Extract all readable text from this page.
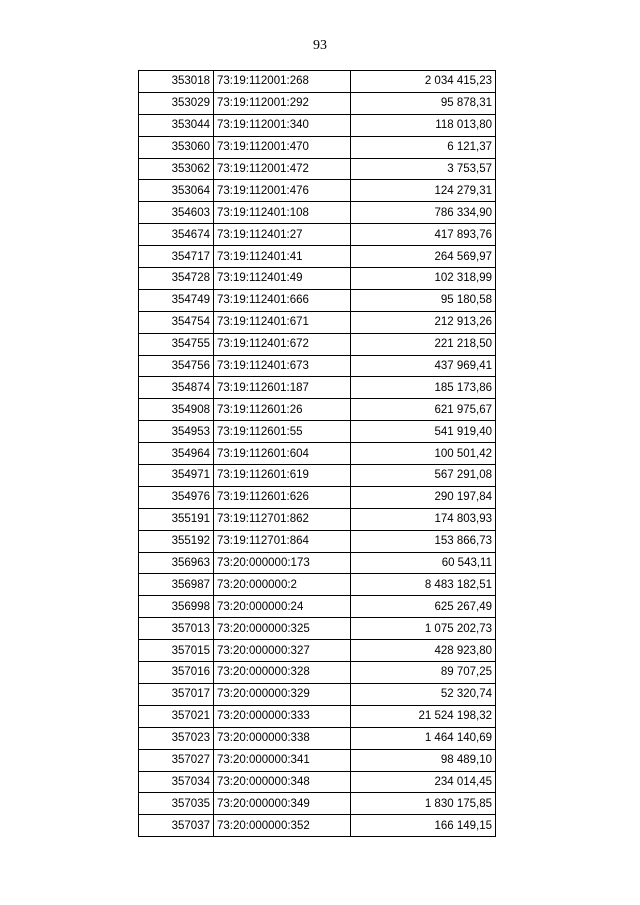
93
353018	73:19:112001:268	2 034 415,23
353029	73:19:112001:292	95 878,31
353044	73:19:112001:340	118 013,80
353060	73:19:112001:470	6 121,37
353062	73:19:112001:472	3 753,57
353064	73:19:112001:476	124 279,31
354603	73:19:112401:108	786 334,90
354674	73:19:112401:27	417 893,76
354717	73:19:112401:41	264 569,97
354728	73:19:112401:49	102 318,99
354749	73:19:112401:666	95 180,58
354754	73:19:112401:671	212 913,26
354755	73:19:112401:672	221 218,50
354756	73:19:112401:673	437 969,41
354874	73:19:112601:187	185 173,86
354908	73:19:112601:26	621 975,67
354953	73:19:112601:55	541 919,40
354964	73:19:112601:604	100 501,42
354971	73:19:112601:619	567 291,08
354976	73:19:112601:626	290 197,84
355191	73:19:112701:862	174 803,93
355192	73:19:112701:864	153 866,73
356963	73:20:000000:173	60 543,11
356987	73:20:000000:2	8 483 182,51
356998	73:20:000000:24	625 267,49
357013	73:20:000000:325	1 075 202,73
357015	73:20:000000:327	428 923,80
357016	73:20:000000:328	89 707,25
357017	73:20:000000:329	52 320,74
357021	73:20:000000:333	21 524 198,32
357023	73:20:000000:338	1 464 140,69
357027	73:20:000000:341	98 489,10
357034	73:20:000000:348	234 014,45
357035	73:20:000000:349	1 830 175,85
357037	73:20:000000:352	166 149,15
